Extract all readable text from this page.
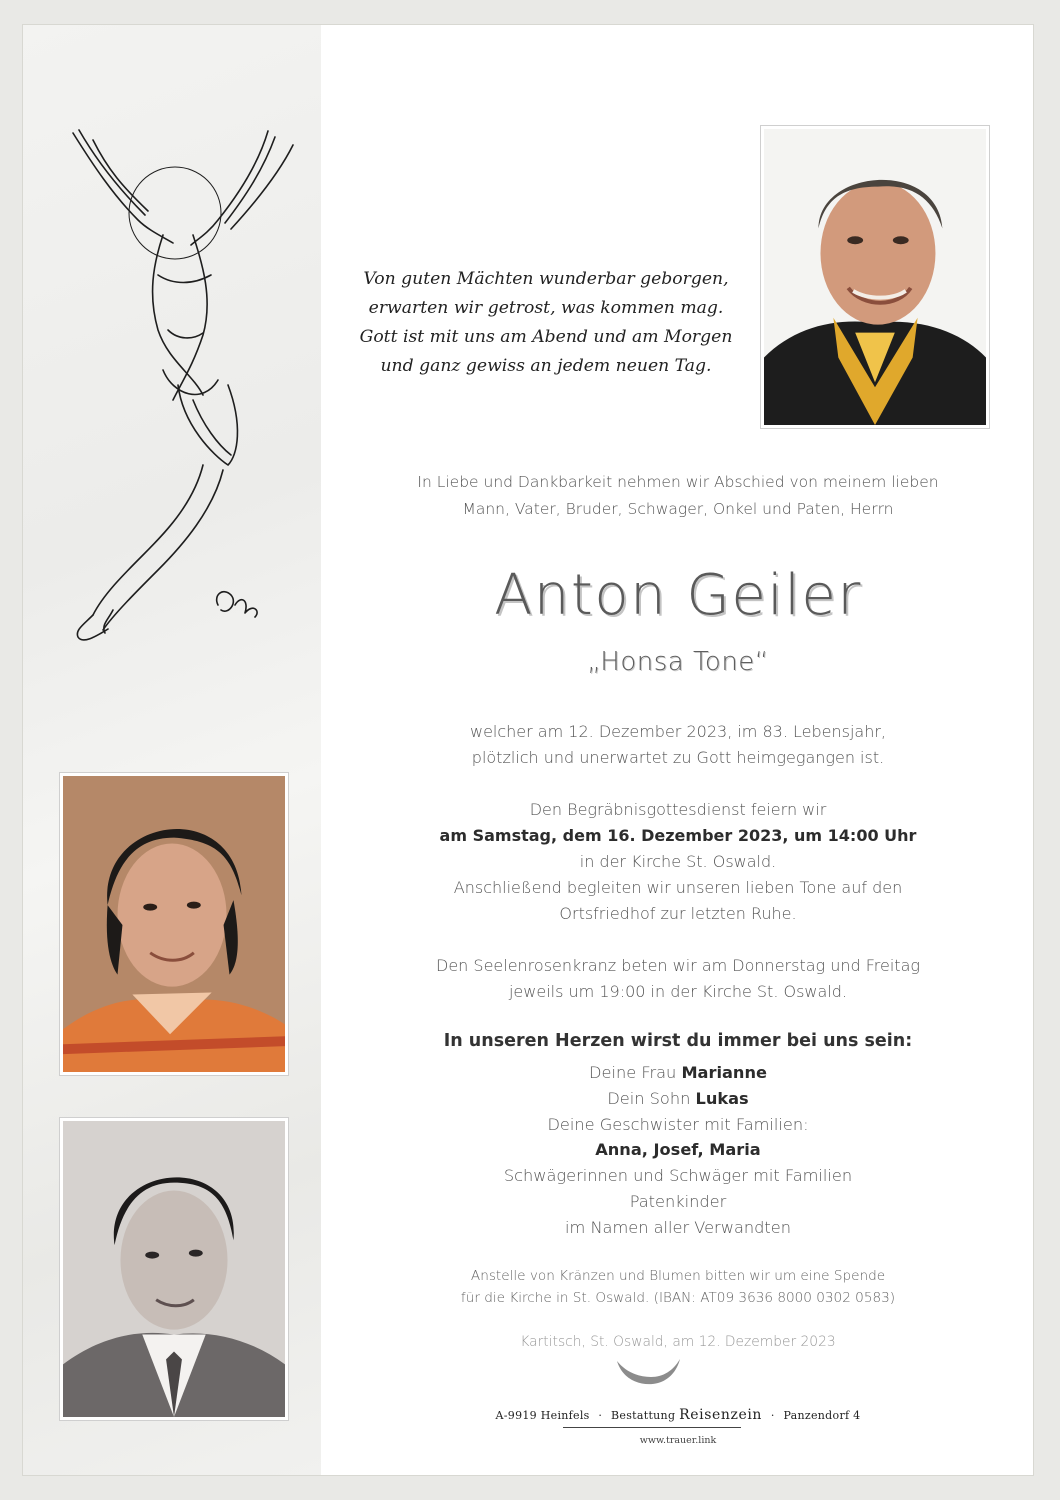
Von guten Mächten wunderbar geborgen,
erwarten wir getrost, was kommen mag.
Gott ist mit uns am Abend und am Morgen
und ganz gewiss an jedem neuen Tag.
In Liebe und Dankbarkeit nehmen wir Abschied von meinem lieben
Mann, Vater, Bruder, Schwager, Onkel und Paten, Herrn
Anton Geiler
„Honsa Tone“
welcher am 12. Dezember 2023, im 83. Lebensjahr,
plötzlich und unerwartet zu Gott heimgegangen ist.
Den Begräbnisgottesdienst feiern wir
am Samstag, dem 16. Dezember 2023, um 14:00 Uhr
in der Kirche St. Oswald.
Anschließend begleiten wir unseren lieben Tone auf den
Ortsfriedhof zur letzten Ruhe.
Den Seelenrosenkranz beten wir am Donnerstag und Freitag
jeweils um 19:00 in der Kirche St. Oswald.
In unseren Herzen wirst du immer bei uns sein:
Deine Frau Marianne
Dein Sohn Lukas
Deine Geschwister mit Familien:
Anna, Josef, Maria
Schwägerinnen und Schwäger mit Familien
Patenkinder
im Namen aller Verwandten
Anstelle von Kränzen und Blumen bitten wir um eine Spende
für die Kirche in St. Oswald. (IBAN: AT09 3636 8000 0302 0583)
Kartitsch, St. Oswald, am 12. Dezember 2023
A-9919 Heinfels · Bestattung Reisenzein · Panzendorf 4
www.trauer.link
